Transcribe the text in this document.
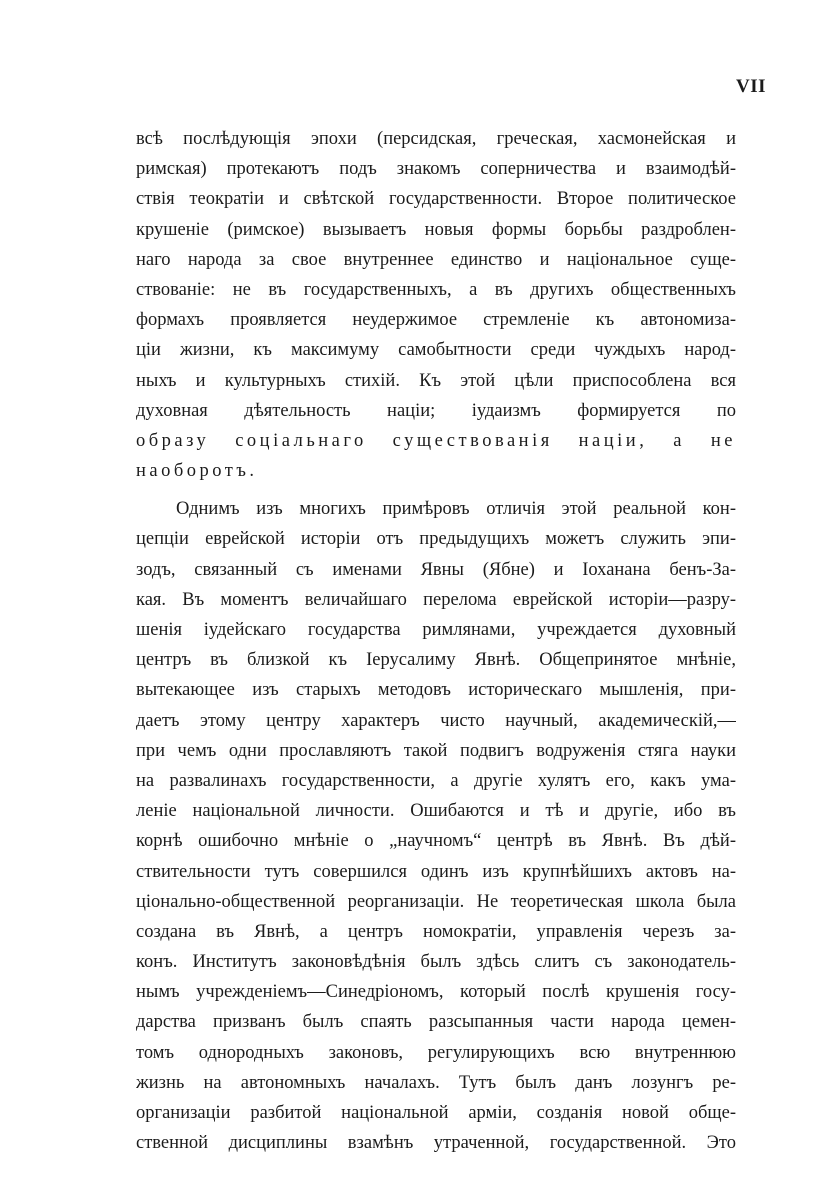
VII
всѣ послѣдующія эпохи (персидская, греческая, хасмонейская и
римская) протекаютъ подъ знакомъ соперничества и взаимодѣй-
ствія теократіи и свѣтской государственности. Второе политическое
крушеніе (римское) вызываетъ новыя формы борьбы раздроблен-
наго народа за свое внутреннее единство и національное суще-
ствованіе: не въ государственныхъ, а въ другихъ общественныхъ
формахъ проявляется неудержимое стремленіе къ автономиза-
ціи жизни, къ максимуму самобытности среди чуждыхъ народ-
ныхъ и культурныхъ стихій. Къ этой цѣли приспособлена вся
духовная дѣятельность націи; іудаизмъ формируется по
образу соціальнаго существованія націи, а не
наоборотъ.
Однимъ изъ многихъ примѣровъ отличія этой реальной кон-
цепціи еврейской исторіи отъ предыдущихъ можетъ служить эпи-
зодъ, связанный съ именами Явны (Ябне) и Іоханана бенъ-За-
кая. Въ моментъ величайшаго перелома еврейской исторіи—разру-
шенія іудейскаго государства римлянами, учреждается духовный
центръ въ близкой къ Іерусалиму Явнѣ. Общепринятое мнѣніе,
вытекающее изъ старыхъ методовъ историческаго мышленія, при-
даетъ этому центру характеръ чисто научный, академическій,—
при чемъ одни прославляютъ такой подвигъ водруженія стяга науки
на развалинахъ государственности, а другіе хулятъ его, какъ ума-
леніе національной личности. Ошибаются и тѣ и другіе, ибо въ
корнѣ ошибочно мнѣніе о „научномъ“ центрѣ въ Явнѣ. Въ дѣй-
ствительности тутъ совершился одинъ изъ крупнѣйшихъ актовъ на-
ціонально-общественной реорганизаціи. Не теоретическая школа была
создана въ Явнѣ, а центръ номократіи, управленія черезъ за-
конъ. Институтъ законовѣдѣнія былъ здѣсь слитъ съ законодатель-
нымъ учрежденіемъ—Синедріономъ, который послѣ крушенія госу-
дарства призванъ былъ спаять разсыпанныя части народа цемен-
томъ однородныхъ законовъ, регулирующихъ всю внутреннюю
жизнь на автономныхъ началахъ. Тутъ былъ данъ лозунгъ ре-
организаціи разбитой національной арміи, созданія новой обще-
ственной дисциплины взамѣнъ утраченной, государственной. Это
